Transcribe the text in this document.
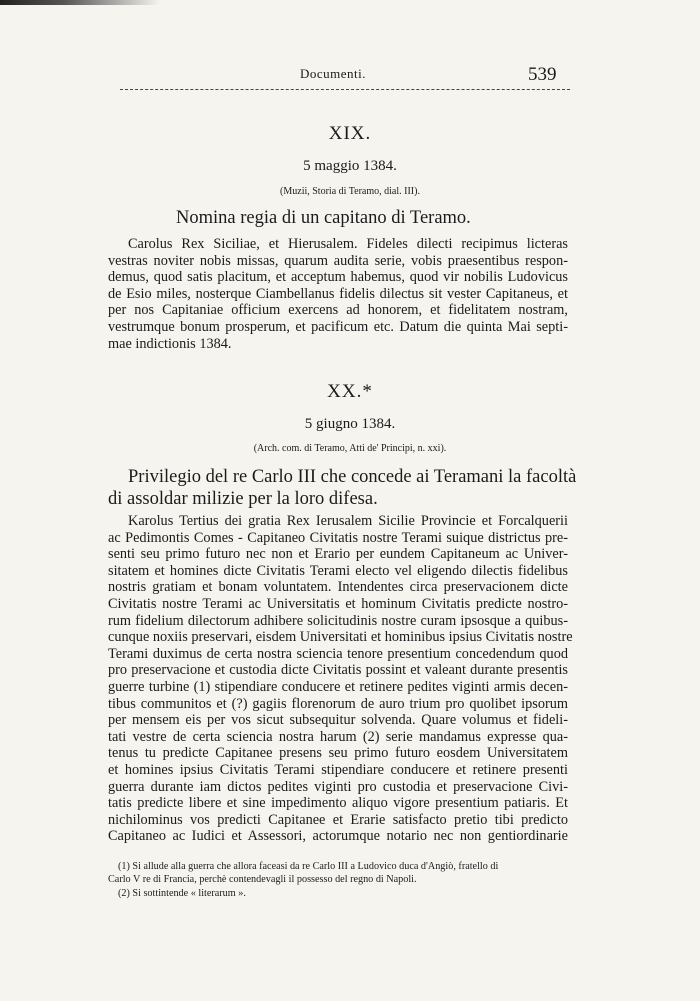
Documenti.	539
XIX.
5 maggio 1384.
(Muzii, Storia di Teramo, dial. III).
Nomina regia di un capitano di Teramo.
Carolus Rex Siciliae, et Hierusalem. Fideles dilecti recipimus licteras
vestras noviter nobis missas, quarum audita serie, vobis praesentibus respon-
demus, quod satis placitum, et acceptum habemus, quod vir nobilis Ludovicus
de Esio miles, nosterque Ciambellanus fidelis dilectus sit vester Capitaneus, et
per nos Capitaniae officium exercens ad honorem, et fidelitatem nostram,
vestrumque bonum prosperum, et pacificum etc. Datum die quinta Mai septi-
mae indictionis 1384.
XX.*
5 giugno 1384.
(Arch. com. di Teramo, Atti de' Principi, n. xxi).
Privilegio del re Carlo III che concede ai Teramani la facoltà
di assoldar milizie per la loro difesa.
Karolus Tertius dei gratia Rex Ierusalem Sicilie Provincie et Forcalquerii
ac Pedimontis Comes - Capitaneo Civitatis nostre Terami suique districtus pre-
senti seu primo futuro nec non et Erario per eundem Capitaneum ac Univer-
sitatem et homines dicte Civitatis Terami electo vel eligendo dilectis fidelibus
nostris gratiam et bonam voluntatem. Intendentes circa preservacionem dicte
Civitatis nostre Terami ac Universitatis et hominum Civitatis predicte nostro-
rum fidelium dilectorum adhibere solicitudinis nostre curam ipsosque a quibus-
cunque noxiis preservari, eisdem Universitati et hominibus ipsius Civitatis nostre
Terami duximus de certa nostra sciencia tenore presentium concedendum quod
pro preservacione et custodia dicte Civitatis possint et valeant durante presentis
guerre turbine (1) stipendiare conducere et retinere pedites viginti armis decen-
tibus communitos et (?) gagiis florenorum de auro trium pro quolibet ipsorum
per mensem eis per vos sicut subsequitur solvenda. Quare volumus et fideli-
tati vestre de certa sciencia nostra harum (2) serie mandamus expresse qua-
tenus tu predicte Capitanee presens seu primo futuro eosdem Universitatem
et homines ipsius Civitatis Terami stipendiare conducere et retinere presenti
guerra durante iam dictos pedites viginti pro custodia et preservacione Civi-
tatis predicte libere et sine impedimento aliquo vigore presentium patiaris. Et
nichilominus vos predicti Capitanee et Erarie satisfacto pretio tibi predicto
Capitaneo ac Iudici et Assessori, actorumque notario nec non gentiordinarie
(1) Si allude alla guerra che allora faceasi da re Carlo III a Ludovico duca d'Angiò, fratello di
Carlo V re di Francia, perchè contendevagli il possesso del regno di Napoli.
(2) Si sottintende « literarum ».
